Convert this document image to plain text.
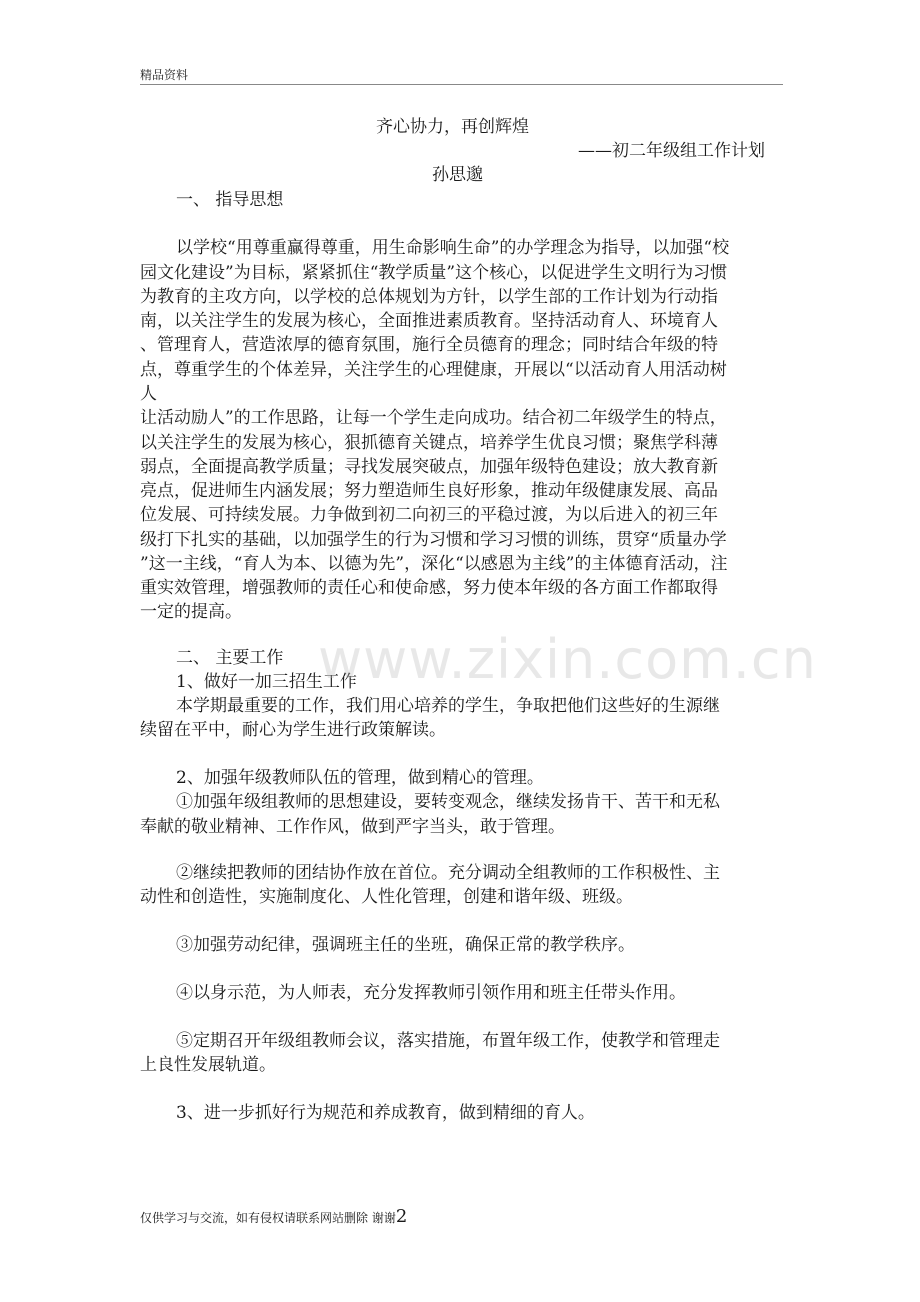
精品资料
齐心协力，再创辉煌
——初二年级组工作计划
孙思邈
一、 指导思想
以学校“用尊重赢得尊重，用生命影响生命”的办学理念为指导，以加强“校
园文化建设”为目标，紧紧抓住“教学质量”这个核心，以促进学生文明行为习惯
为教育的主攻方向，以学校的总体规划为方针，以学生部的工作计划为行动指
南，以关注学生的发展为核心，全面推进素质教育。坚持活动育人、环境育人
、管理育人，营造浓厚的德育氛围，施行全员德育的理念；同时结合年级的特
点，尊重学生的个体差异，关注学生的心理健康，开展以“以活动育人用活动树
人
让活动励人”的工作思路，让每一个学生走向成功。结合初二年级学生的特点，
以关注学生的发展为核心，狠抓德育关键点，培养学生优良习惯；聚焦学科薄
弱点，全面提高教学质量；寻找发展突破点，加强年级特色建设；放大教育新
亮点，促进师生内涵发展；努力塑造师生良好形象，推动年级健康发展、高品
位发展、可持续发展。力争做到初二向初三的平稳过渡，为以后进入的初三年
级打下扎实的基础，以加强学生的行为习惯和学习习惯的训练，贯穿“质量办学
”这一主线，“育人为本、以德为先”，深化“以感恩为主线”的主体德育活动，注
重实效管理，增强教师的责任心和使命感，努力使本年级的各方面工作都取得
一定的提高。
二、 主要工作
1、做好一加三招生工作
本学期最重要的工作，我们用心培养的学生，争取把他们这些好的生源继
续留在平中，耐心为学生进行政策解读。
2、加强年级教师队伍的管理，做到精心的管理。
①加强年级组教师的思想建设，要转变观念，继续发扬肯干、苦干和无私
奉献的敬业精神、工作作风，做到严字当头，敢于管理。
②继续把教师的团结协作放在首位。充分调动全组教师的工作积极性、主
动性和创造性，实施制度化、人性化管理，创建和谐年级、班级。
③加强劳动纪律，强调班主任的坐班，确保正常的教学秩序。
④以身示范，为人师表，充分发挥教师引领作用和班主任带头作用。
⑤定期召开年级组教师会议，落实措施，布置年级工作，使教学和管理走
上良性发展轨道。
3、进一步抓好行为规范和养成教育，做到精细的育人。
www.zixin.com.cn
仅供学习与交流，如有侵权请联系网站删除 谢谢2
